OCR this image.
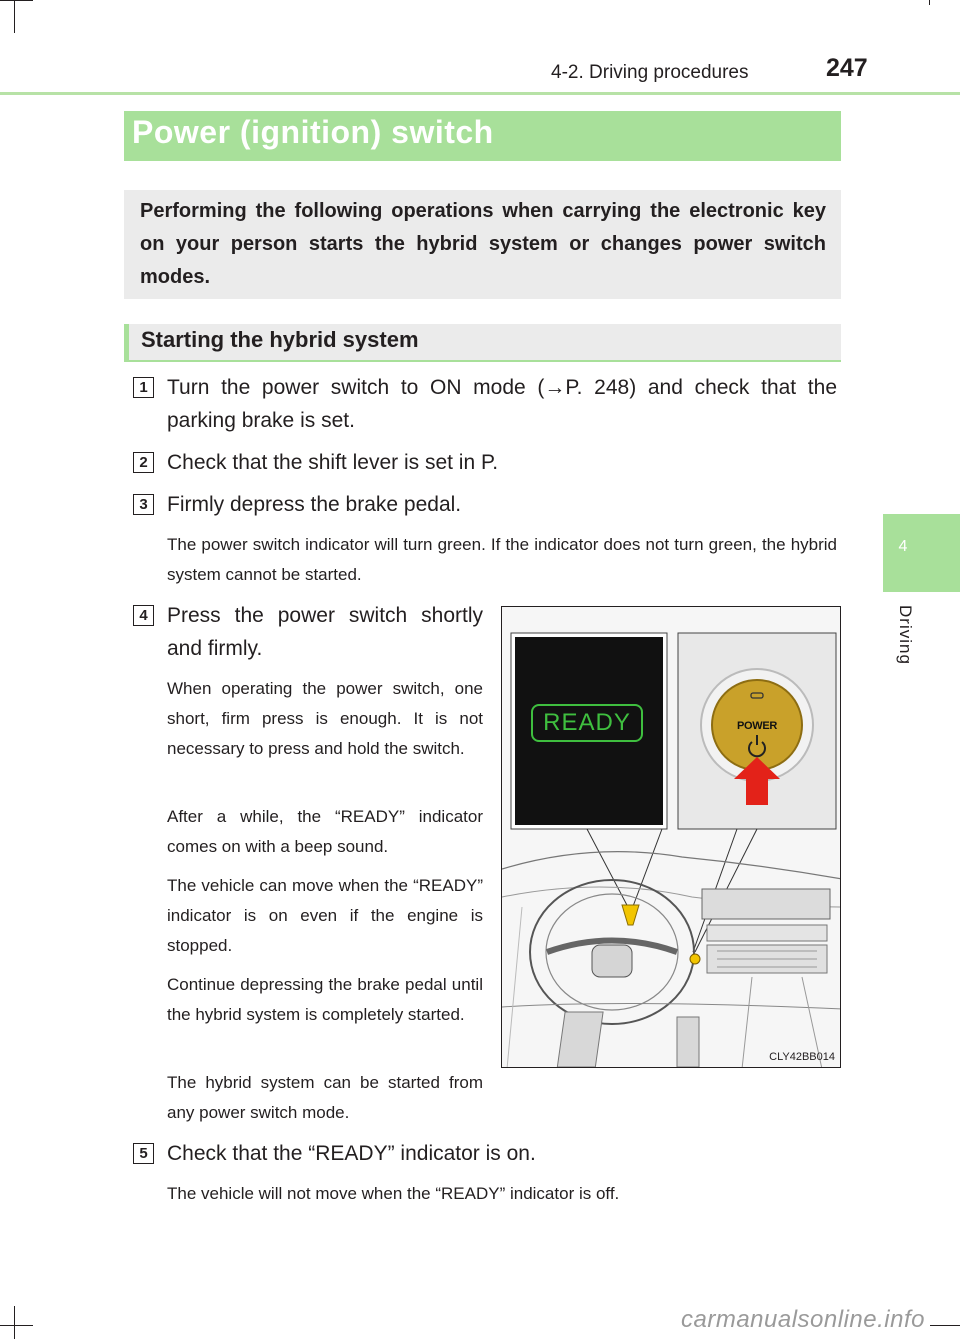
4-2. Driving procedures	247
4
Driving
Power (ignition) switch
Performing the following operations when carrying the electronic key on your person starts the hybrid system or changes power switch modes.
Starting the hybrid system
1 Turn the power switch to ON mode (→P. 248) and check that the parking brake is set.
2 Check that the shift lever is set in P.
3 Firmly depress the brake pedal.
The power switch indicator will turn green. If the indicator does not turn green, the hybrid system cannot be started.
4 Press the power switch shortly and firmly.
When operating the power switch, one short, firm press is enough. It is not necessary to press and hold the switch.
After a while, the “READY” indicator comes on with a beep sound.
The vehicle can move when the “READY” indicator is on even if the engine is stopped.
Continue depressing the brake pedal until the hybrid system is completely started.
The hybrid system can be started from any power switch mode.
READY	POWER
CLY42BB014
5 Check that the “READY” indicator is on.
The vehicle will not move when the “READY” indicator is off.
carmanualsonline.info
